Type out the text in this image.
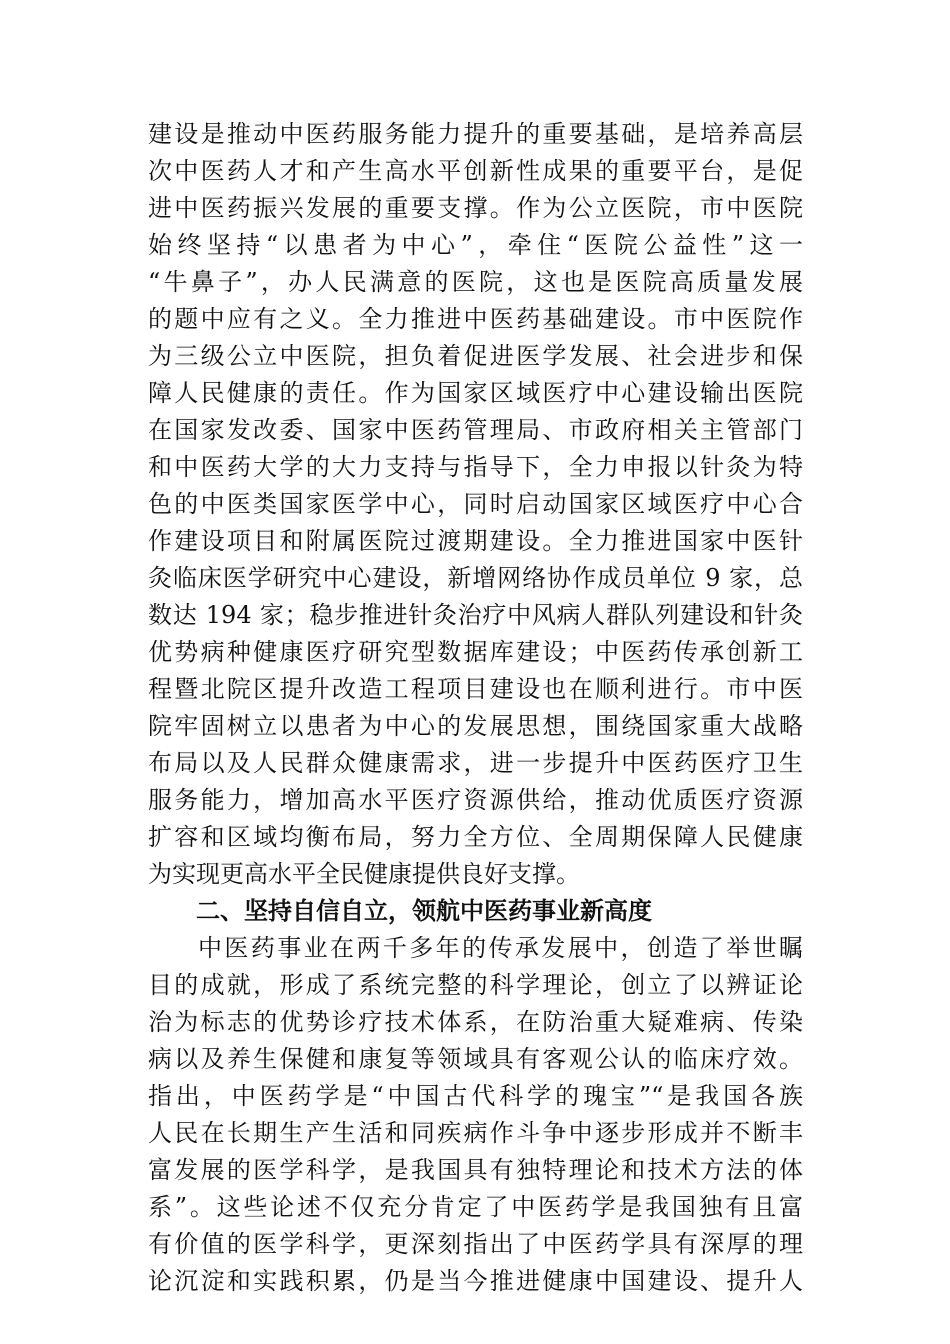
建设是推动中医药服务能力提升的重要基础，是培养高层
次中医药人才和产生高水平创新性成果的重要平台，是促
进中医药振兴发展的重要支撑。作为公立医院，市中医院
始终坚持“以患者为中心”，牵住“医院公益性”这一
“牛鼻子”，办人民满意的医院，这也是医院高质量发展
的题中应有之义。全力推进中医药基础建设。市中医院作
为三级公立中医院，担负着促进医学发展、社会进步和保
障人民健康的责任。作为国家区域医疗中心建设输出医院
在国家发改委、国家中医药管理局、市政府相关主管部门
和中医药大学的大力支持与指导下，全力申报以针灸为特
色的中医类国家医学中心，同时启动国家区域医疗中心合
作建设项目和附属医院过渡期建设。全力推进国家中医针
灸临床医学研究中心建设，新增网络协作成员单位 9 家，总
数达 194 家；稳步推进针灸治疗中风病人群队列建设和针灸
优势病种健康医疗研究型数据库建设；中医药传承创新工
程暨北院区提升改造工程项目建设也在顺利进行。市中医
院牢固树立以患者为中心的发展思想，围绕国家重大战略
布局以及人民群众健康需求，进一步提升中医药医疗卫生
服务能力，增加高水平医疗资源供给，推动优质医疗资源
扩容和区域均衡布局，努力全方位、全周期保障人民健康
为实现更高水平全民健康提供良好支撑。
二、坚持自信自立，领航中医药事业新高度
中医药事业在两千多年的传承发展中，创造了举世瞩
目的成就，形成了系统完整的科学理论，创立了以辨证论
治为标志的优势诊疗技术体系，在防治重大疑难病、传染
病以及养生保健和康复等领域具有客观公认的临床疗效。
指出，中医药学是“中国古代科学的瑰宝”“是我国各族
人民在长期生产生活和同疾病作斗争中逐步形成并不断丰
富发展的医学科学，是我国具有独特理论和技术方法的体
系”。这些论述不仅充分肯定了中医药学是我国独有且富
有价值的医学科学，更深刻指出了中医药学具有深厚的理
论沉淀和实践积累，仍是当今推进健康中国建设、提升人
